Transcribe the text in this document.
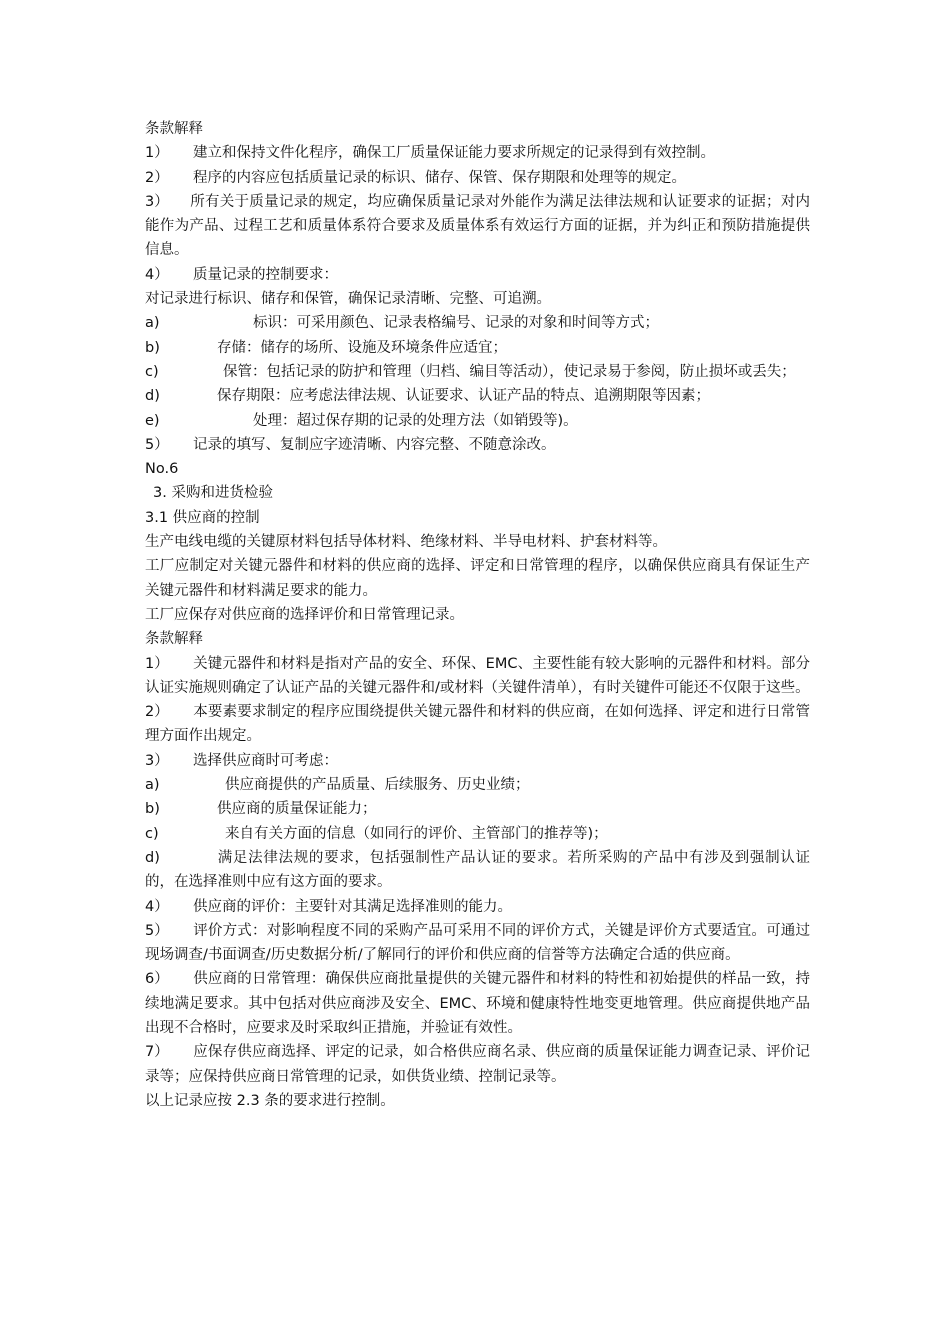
条款解释
1） 建立和保持文件化程序，确保工厂质量保证能力要求所规定的记录得到有效控制。
2） 程序的内容应包括质量记录的标识、储存、保管、保存期限和处理等的规定。
3） 所有关于质量记录的规定，均应确保质量记录对外能作为满足法律法规和认证要求的证据；对内能作为产品、过程工艺和质量体系符合要求及质量体系有效运行方面的证据，并为纠正和预防措施提供信息。
4） 质量记录的控制要求：
对记录进行标识、储存和保管，确保记录清晰、完整、可追溯。
a)	标识：可采用颜色、记录表格编号、记录的对象和时间等方式；
b)	存储：储存的场所、设施及环境条件应适宜；
c)	保管：包括记录的防护和管理（归档、编目等活动），使记录易于参阅，防止损坏或丢失；
d)	保存期限：应考虑法律法规、认证要求、认证产品的特点、追溯期限等因素；
e)	处理：超过保存期的记录的处理方法（如销毁等)。
5） 记录的填写、复制应字迹清晰、内容完整、不随意涂改。
No.6
3. 采购和进货检验
3.1 供应商的控制
生产电线电缆的关键原材料包括导体材料、绝缘材料、半导电材料、护套材料等。
工厂应制定对关键元器件和材料的供应商的选择、评定和日常管理的程序，以确保供应商具有保证生产关键元器件和材料满足要求的能力。
工厂应保存对供应商的选择评价和日常管理记录。
条款解释
1） 关键元器件和材料是指对产品的安全、环保、EMC、主要性能有较大影响的元器件和材料。部分认证实施规则确定了认证产品的关键元器件和/或材料（关键件清单），有时关键件可能还不仅限于这些。
2） 本要素要求制定的程序应围绕提供关键元器件和材料的供应商，在如何选择、评定和进行日常管理方面作出规定。
3） 选择供应商时可考虑：
a)	供应商提供的产品质量、后续服务、历史业绩；
b)	供应商的质量保证能力；
c)	来自有关方面的信息（如同行的评价、主管部门的推荐等)；
d)	满足法律法规的要求，包括强制性产品认证的要求。若所采购的产品中有涉及到强制认证的，在选择准则中应有这方面的要求。
4） 供应商的评价：主要针对其满足选择准则的能力。
5） 评价方式：对影响程度不同的采购产品可采用不同的评价方式，关键是评价方式要适宜。可通过现场调查/书面调查/历史数据分析/了解同行的评价和供应商的信誉等方法确定合适的供应商。
6） 供应商的日常管理：确保供应商批量提供的关键元器件和材料的特性和初始提供的样品一致，持续地满足要求。其中包括对供应商涉及安全、EMC、环境和健康特性地变更地管理。供应商提供地产品出现不合格时，应要求及时采取纠正措施，并验证有效性。
7） 应保存供应商选择、评定的记录，如合格供应商名录、供应商的质量保证能力调查记录、评价记录等；应保持供应商日常管理的记录，如供货业绩、控制记录等。
以上记录应按 2.3 条的要求进行控制。
